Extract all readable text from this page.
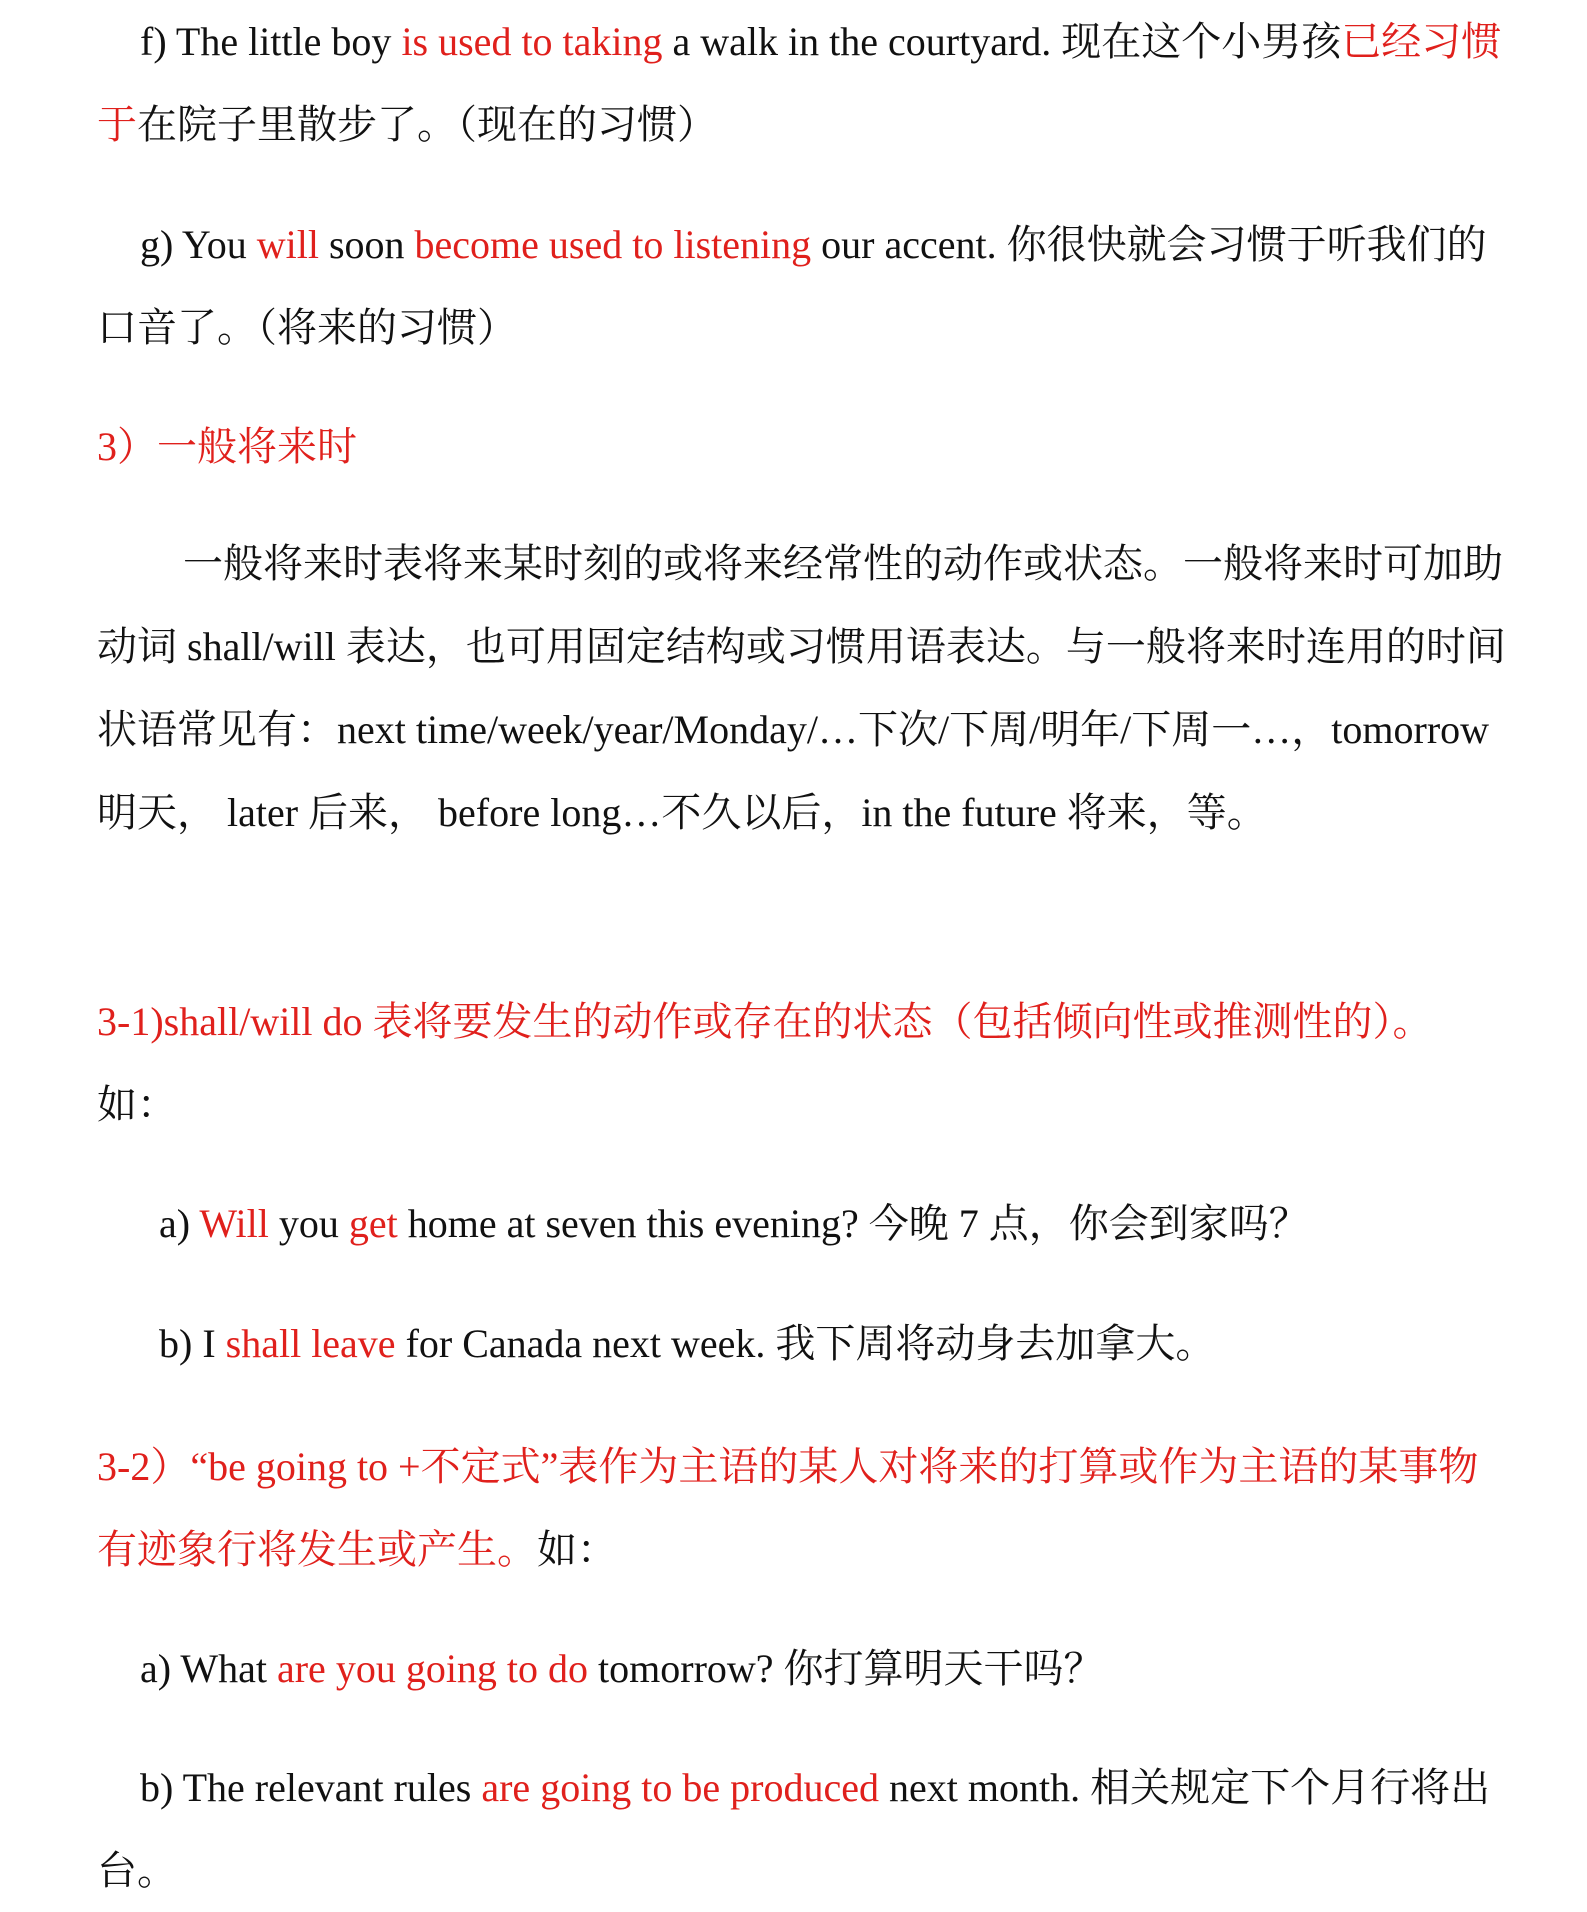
f) The little boy is used to taking a walk in the courtyard. 现在这个小男孩已经习惯于在院子里散步了。（现在的习惯）

g) You will soon become used to listening our accent. 你很快就会习惯于听我们的口音了。（将来的习惯）

3）一般将来时

一般将来时表将来某时刻的或将来经常性的动作或状态。一般将来时可加助动词 shall/will 表达，也可用固定结构或习惯用语表达。与一般将来时连用的时间状语常见有：next time/week/year/Monday/…下次/下周/明年/下周一…，tomorrow 明天， later 后来， before long…不久以后，in the future 将来，等。

3-1)shall/will do 表将要发生的动作或存在的状态（包括倾向性或推测性的）。如：

a) Will you get home at seven this evening? 今晚 7 点，你会到家吗？

b) I shall leave for Canada next week. 我下周将动身去加拿大。

3-2）“be going to +不定式”表作为主语的某人对将来的打算或作为主语的某事物有迹象行将发生或产生。如：

a) What are you going to do tomorrow? 你打算明天干吗？

b) The relevant rules are going to be produced next month. 相关规定下个月行将出台。
